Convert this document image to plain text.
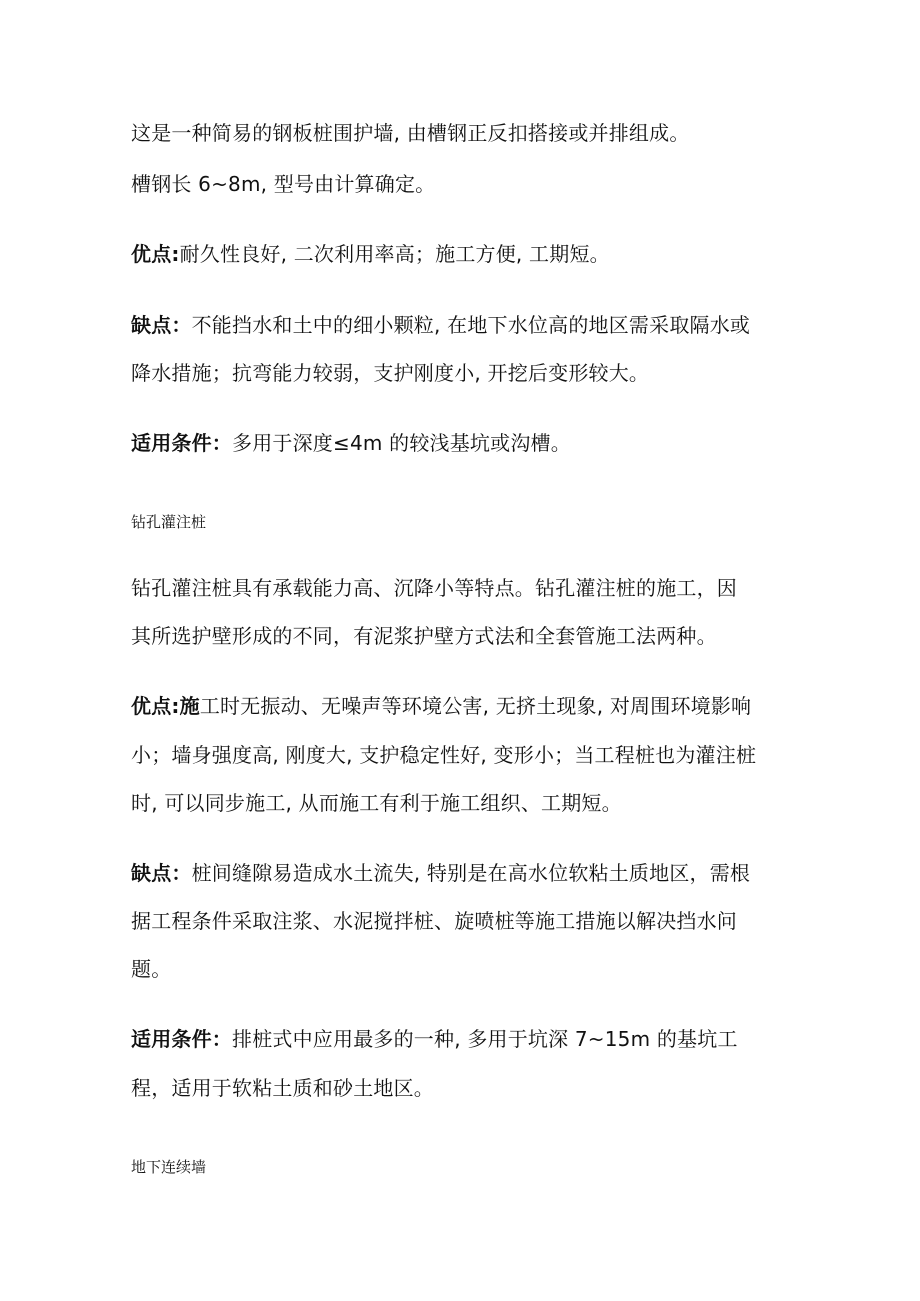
这是一种简易的钢板桩围护墙, 由槽钢正反扣搭接或并排组成。
槽钢长 6~8m, 型号由计算确定。
优点:耐久性良好, 二次利用率高；施工方便, 工期短。
缺点：不能挡水和土中的细小颗粒, 在地下水位高的地区需采取隔水或
降水措施；抗弯能力较弱，支护刚度小, 开挖后变形较大。
适用条件：多用于深度≤4m 的较浅基坑或沟槽。
钻孔灌注桩
钻孔灌注桩具有承载能力高、沉降小等特点。钻孔灌注桩的施工，因
其所选护壁形成的不同，有泥浆护壁方式法和全套管施工法两种。
优点:施工时无振动、无噪声等环境公害, 无挤土现象, 对周围环境影响
小；墙身强度高, 刚度大, 支护稳定性好, 变形小；当工程桩也为灌注桩
时, 可以同步施工, 从而施工有利于施工组织、工期短。
缺点：桩间缝隙易造成水土流失, 特别是在高水位软粘土质地区，需根
据工程条件采取注浆、水泥搅拌桩、旋喷桩等施工措施以解决挡水问
题。
适用条件：排桩式中应用最多的一种, 多用于坑深 7~15m 的基坑工
程，适用于软粘土质和砂土地区。
地下连续墙
